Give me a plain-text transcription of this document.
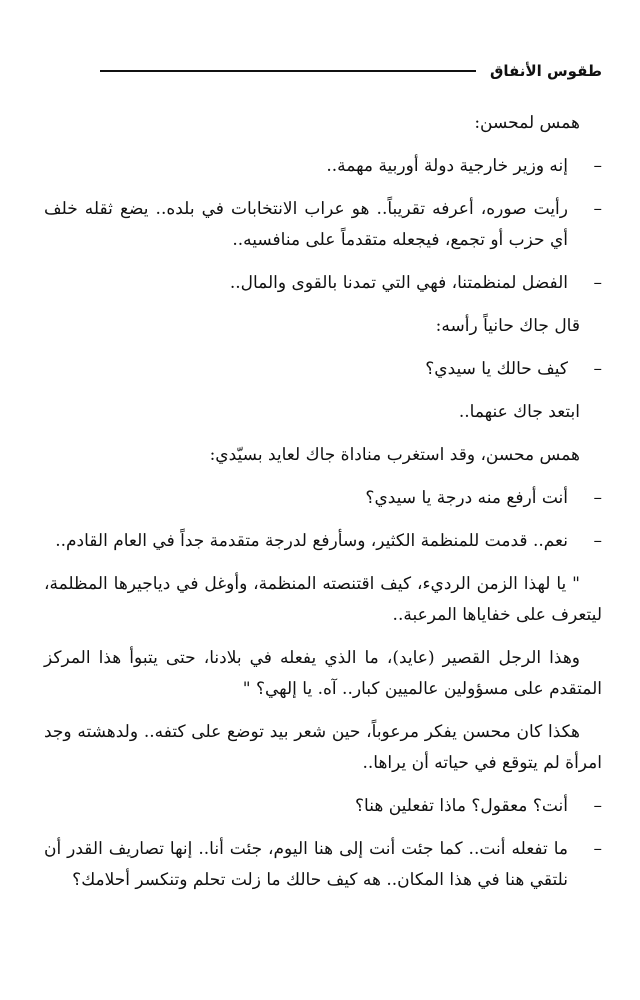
طقوس الأنفاق

همس لمحسن:

–
إنه وزير خارجية دولة أوربية مهمة..
–
رأيت صوره، أعرفه تقريباً.. هو عراب الانتخابات في بلده.. يضع ثقله خلف أي حزب أو تجمع، فيجعله متقدماً على منافسيه..
–
الفضل لمنظمتنا، فهي التي تمدنا بالقوى والمال..

قال جاك حانياً رأسه:

–
كيف حالك يا سيدي؟

ابتعد جاك عنهما..

همس محسن، وقد استغرب مناداة جاك لعايد بسيّدي:

–
أنت أرفع منه درجة يا سيدي؟
–
نعم.. قدمت للمنظمة الكثير، وسأرفع لدرجة متقدمة جداً في العام القادم..

" يا لهذا الزمن الرديء، كيف اقتنصته المنظمة، وأوغل في دياجيرها المظلمة، ليتعرف على خفاياها المرعبة..

وهذا الرجل القصير (عايد)، ما الذي يفعله في بلادنا، حتى يتبوأ هذا المركز المتقدم على مسؤولين عالميين كبار.. آه. يا إلهي؟ "

هكذا كان محسن يفكر مرعوباً، حين شعر بيد توضع على كتفه.. ولدهشته وجد امرأة لم يتوقع في حياته أن يراها..

–
أنت؟ معقول؟ ماذا تفعلين هنا؟
–
ما تفعله أنت.. كما جئت أنت إلى هنا اليوم، جئت أنا.. إنها تصاريف القدر أن نلتقي هنا في هذا المكان.. هه كيف حالك ما زلت تحلم وتنكسر أحلامك؟
